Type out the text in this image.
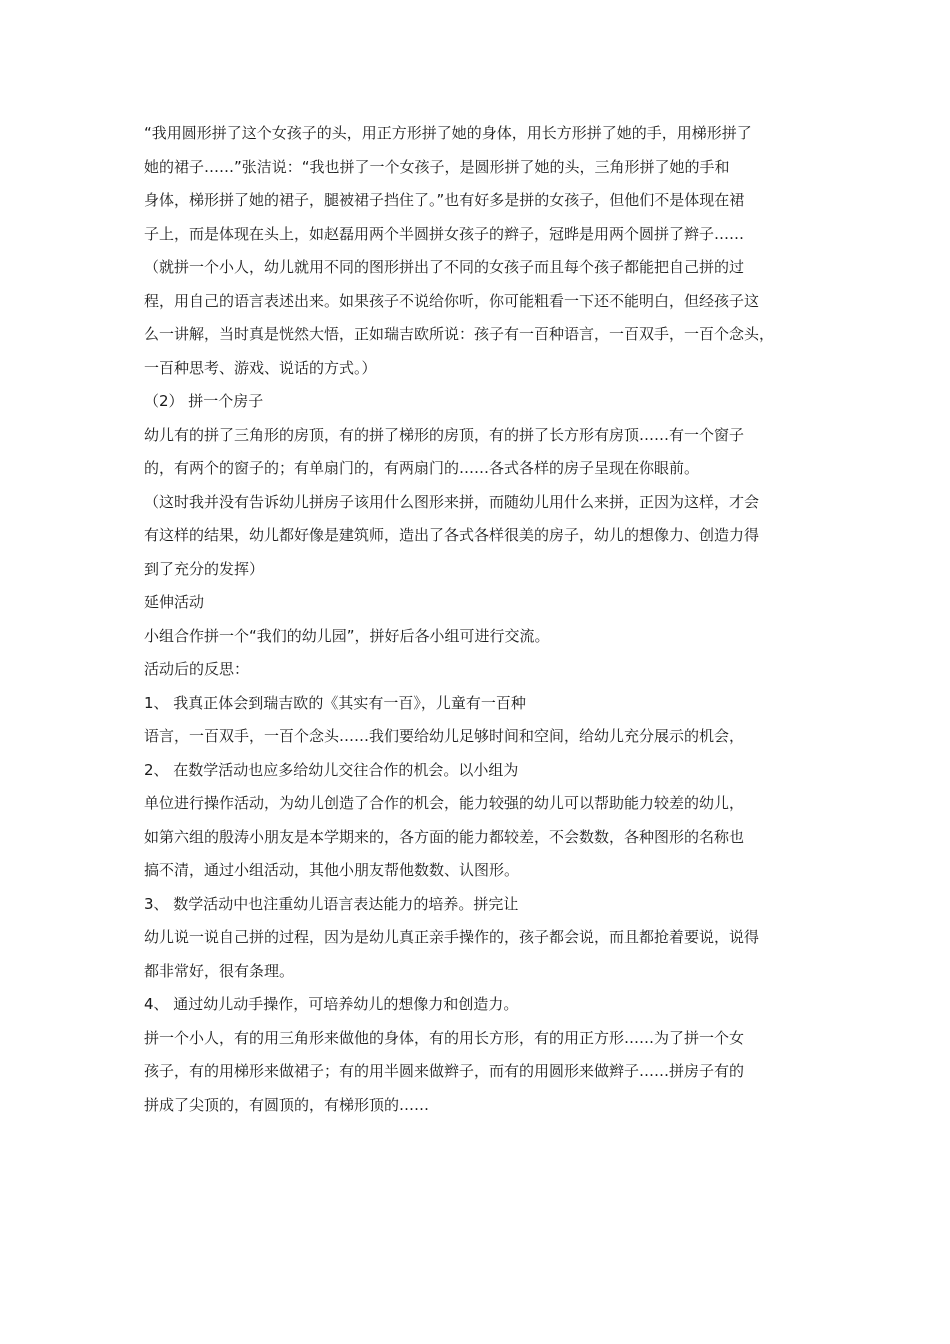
“我用圆形拼了这个女孩子的头，用正方形拼了她的身体，用长方形拼了她的手，用梯形拼了
她的裙子……”张洁说：“我也拼了一个女孩子，是圆形拼了她的头，三角形拼了她的手和
身体，梯形拼了她的裙子，腿被裙子挡住了。”也有好多是拼的女孩子，但他们不是体现在裙
子上，而是体现在头上，如赵磊用两个半圆拼女孩子的辫子，冠晔是用两个圆拼了辫子……
（就拼一个小人，幼儿就用不同的图形拼出了不同的女孩子而且每个孩子都能把自己拼的过
程，用自己的语言表述出来。如果孩子不说给你听，你可能粗看一下还不能明白，但经孩子这
么一讲解，当时真是恍然大悟，正如瑞吉欧所说：孩子有一百种语言，一百双手，一百个念头，
一百种思考、游戏、说话的方式。）

（2） 拼一个房子

幼儿有的拼了三角形的房顶，有的拼了梯形的房顶，有的拼了长方形有房顶……有一个窗子
的，有两个的窗子的；有单扇门的，有两扇门的……各式各样的房子呈现在你眼前。

（这时我并没有告诉幼儿拼房子该用什么图形来拼，而随幼儿用什么来拼，正因为这样，才会
有这样的结果，幼儿都好像是建筑师，造出了各式各样很美的房子，幼儿的想像力、创造力得
到了充分的发挥）

延伸活动

小组合作拼一个“我们的幼儿园”，拼好后各小组可进行交流。

活动后的反思：

1、 我真正体会到瑞吉欧的《其实有一百》，儿童有一百种

语言，一百双手，一百个念头……我们要给幼儿足够时间和空间，给幼儿充分展示的机会，

2、 在数学活动也应多给幼儿交往合作的机会。以小组为

单位进行操作活动，为幼儿创造了合作的机会，能力较强的幼儿可以帮助能力较差的幼儿，
如第六组的殷涛小朋友是本学期来的，各方面的能力都较差，不会数数，各种图形的名称也
搞不清，通过小组活动，其他小朋友帮他数数、认图形。

3、 数学活动中也注重幼儿语言表达能力的培养。拼完让

幼儿说一说自己拼的过程，因为是幼儿真正亲手操作的，孩子都会说，而且都抢着要说，说得
都非常好，很有条理。

4、 通过幼儿动手操作，可培养幼儿的想像力和创造力。

拼一个小人，有的用三角形来做他的身体，有的用长方形，有的用正方形……为了拼一个女
孩子，有的用梯形来做裙子；有的用半圆来做辫子，而有的用圆形来做辫子……拼房子有的
拼成了尖顶的，有圆顶的，有梯形顶的……
